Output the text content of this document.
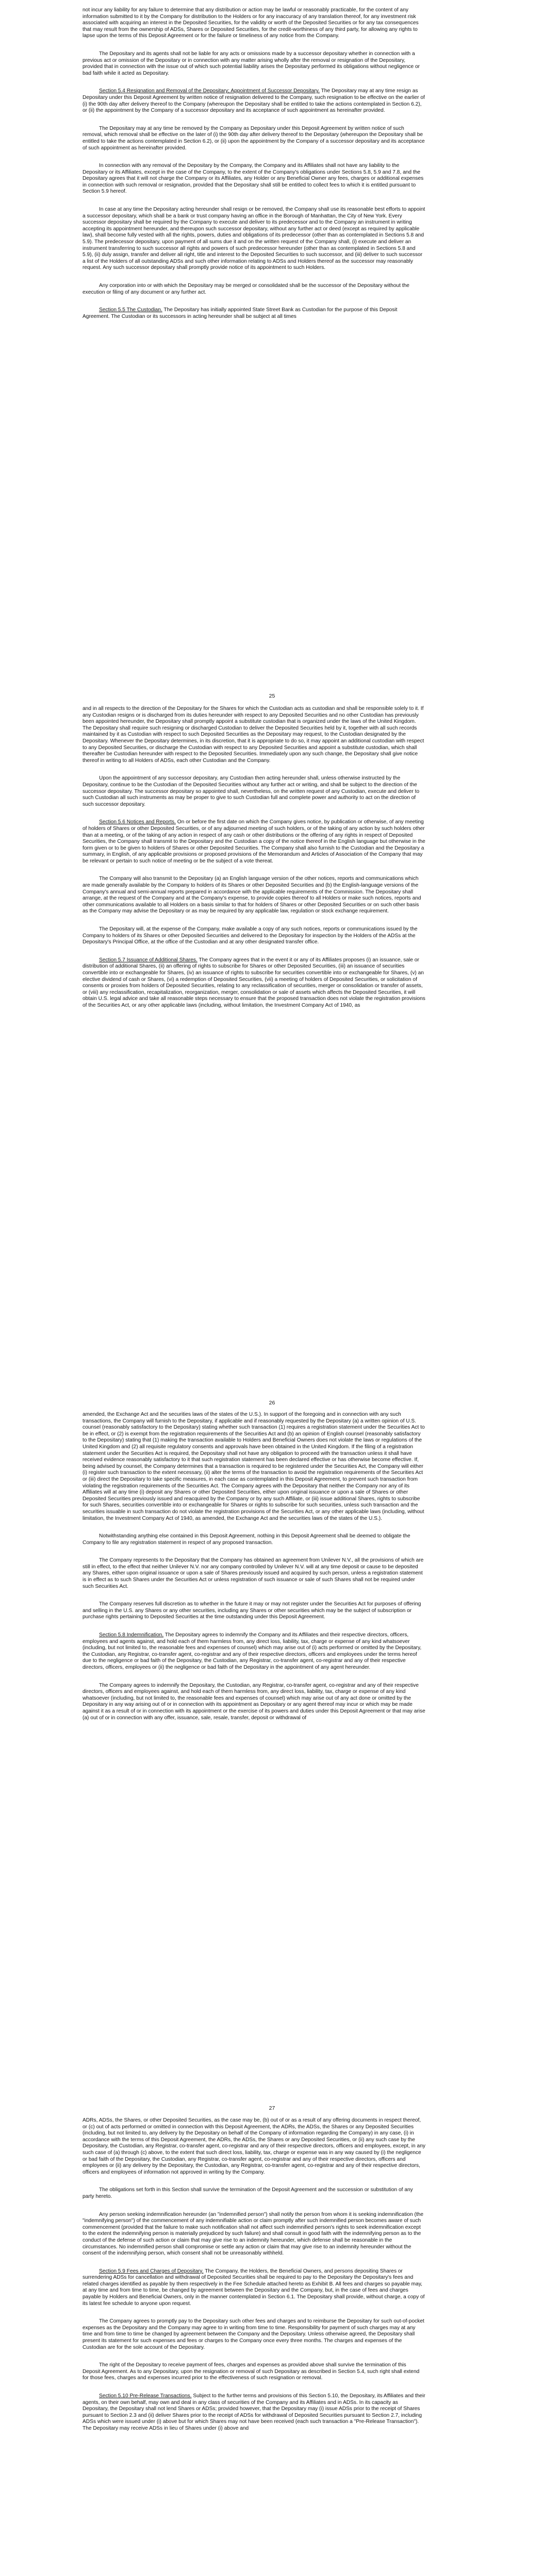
not incur any liability for any failure to determine that any distribution or action may be lawful or reasonably practicable, for the content of any information submitted to it by the Company for distribution to the Holders or for any inaccuracy of any translation thereof, for any investment risk associated with acquiring an interest in the Deposited Securities, for the validity or worth of the Deposited Securities or for any tax consequences that may result from the ownership of ADSs, Shares or Deposited Securities, for the credit-worthiness of any third party, for allowing any rights to lapse upon the terms of this Deposit Agreement or for the failure or timeliness of any notice from the Company.

The Depositary and its agents shall not be liable for any acts or omissions made by a successor depositary whether in connection with a previous act or omission of the Depositary or in connection with any matter arising wholly after the removal or resignation of the Depositary, provided that in connection with the issue out of which such potential liability arises the Depositary performed its obligations without negligence or bad faith while it acted as Depositary.

Section 5.4 Resignation and Removal of the Depositary; Appointment of Successor Depositary. The Depositary may at any time resign as Depositary under this Deposit Agreement by written notice of resignation delivered to the Company, such resignation to be effective on the earlier of (i) the 90th day after delivery thereof to the Company (whereupon the Depositary shall be entitled to take the actions contemplated in Section 6.2), or (ii) the appointment by the Company of a successor depositary and its acceptance of such appointment as hereinafter provided.

The Depositary may at any time be removed by the Company as Depositary under this Deposit Agreement by written notice of such removal, which removal shall be effective on the later of (i) the 90th day after delivery thereof to the Depositary (whereupon the Depositary shall be entitled to take the actions contemplated in Section 6.2), or (ii) upon the appointment by the Company of a successor depositary and its acceptance of such appointment as hereinafter provided.

In connection with any removal of the Depositary by the Company, the Company and its Affiliates shall not have any liability to the Depositary or its Affiliates, except in the case of the Company, to the extent of the Company's obligations under Sections 5.8, 5.9 and 7.8, and the Depositary agrees that it will not charge the Company or its Affiliates, any Holder or any Beneficial Owner any fees, charges or additional expenses in connection with such removal or resignation, provided that the Depositary shall still be entitled to collect fees to which it is entitled pursuant to Section 5.9 hereof.

In case at any time the Depositary acting hereunder shall resign or be removed, the Company shall use its reasonable best efforts to appoint a successor depositary, which shall be a bank or trust company having an office in the Borough of Manhattan, the City of New York. Every successor depositary shall be required by the Company to execute and deliver to its predecessor and to the Company an instrument in writing accepting its appointment hereunder, and thereupon such successor depositary, without any further act or deed (except as required by applicable law), shall become fully vested with all the rights, powers, duties and obligations of its predecessor (other than as contemplated in Sections 5.8 and 5.9). The predecessor depositary, upon payment of all sums due it and on the written request of the Company shall, (i) execute and deliver an instrument transferring to such successor all rights and powers of such predecessor hereunder (other than as contemplated in Sections 5.8 and 5.9), (ii) duly assign, transfer and deliver all right, title and interest to the Deposited Securities to such successor, and (iii) deliver to such successor a list of the Holders of all outstanding ADSs and such other information relating to ADSs and Holders thereof as the successor may reasonably request. Any such successor depositary shall promptly provide notice of its appointment to such Holders.

Any corporation into or with which the Depositary may be merged or consolidated shall be the successor of the Depositary without the execution or filing of any document or any further act.

Section 5.5 The Custodian. The Depositary has initially appointed State Street Bank as Custodian for the purpose of this Deposit Agreement. The Custodian or its successors in acting hereunder shall be subject at all times

25

and in all respects to the direction of the Depositary for the Shares for which the Custodian acts as custodian and shall be responsible solely to it. If any Custodian resigns or is discharged from its duties hereunder with respect to any Deposited Securities and no other Custodian has previously been appointed hereunder, the Depositary shall promptly appoint a substitute custodian that is organized under the laws of the United Kingdom. The Depositary shall require such resigning or discharged Custodian to deliver the Deposited Securities held by it, together with all such records maintained by it as Custodian with respect to such Deposited Securities as the Depositary may request, to the Custodian designated by the Depositary. Whenever the Depositary determines, in its discretion, that it is appropriate to do so, it may appoint an additional custodian with respect to any Deposited Securities, or discharge the Custodian with respect to any Deposited Securities and appoint a substitute custodian, which shall thereafter be Custodian hereunder with respect to the Deposited Securities. Immediately upon any such change, the Depositary shall give notice thereof in writing to all Holders of ADSs, each other Custodian and the Company.

Upon the appointment of any successor depositary, any Custodian then acting hereunder shall, unless otherwise instructed by the Depositary, continue to be the Custodian of the Deposited Securities without any further act or writing, and shall be subject to the direction of the successor depositary. The successor depositary so appointed shall, nevertheless, on the written request of any Custodian, execute and deliver to such Custodian all such instruments as may be proper to give to such Custodian full and complete power and authority to act on the direction of such successor depositary.

Section 5.6 Notices and Reports. On or before the first date on which the Company gives notice, by publication or otherwise, of any meeting of holders of Shares or other Deposited Securities, or of any adjourned meeting of such holders, or of the taking of any action by such holders other than at a meeting, or of the taking of any action in respect of any cash or other distributions or the offering of any rights in respect of Deposited Securities, the Company shall transmit to the Depositary and the Custodian a copy of the notice thereof in the English language but otherwise in the form given or to be given to holders of Shares or other Deposited Securities. The Company shall also furnish to the Custodian and the Depositary a summary, in English, of any applicable provisions or proposed provisions of the Memorandum and Articles of Association of the Company that may be relevant or pertain to such notice of meeting or be the subject of a vote thereat.

The Company will also transmit to the Depositary (a) an English language version of the other notices, reports and communications which are made generally available by the Company to holders of its Shares or other Deposited Securities and (b) the English-language versions of the Company's annual and semi-annual reports prepared in accordance with the applicable requirements of the Commission. The Depositary shall arrange, at the request of the Company and at the Company's expense, to provide copies thereof to all Holders or make such notices, reports and other communications available to all Holders on a basis similar to that for holders of Shares or other Deposited Securities or on such other basis as the Company may advise the Depositary or as may be required by any applicable law, regulation or stock exchange requirement.

The Depositary will, at the expense of the Company, make available a copy of any such notices, reports or communications issued by the Company to holders of its Shares or other Deposited Securities and delivered to the Depositary for inspection by the Holders of the ADSs at the Depositary's Principal Office, at the office of the Custodian and at any other designated transfer office.

Section 5.7 Issuance of Additional Shares. The Company agrees that in the event it or any of its Affiliates proposes (i) an issuance, sale or distribution of additional Shares, (ii) an offering of rights to subscribe for Shares or other Deposited Securities, (iii) an issuance of securities convertible into or exchangeable for Shares, (iv) an issuance of rights to subscribe for securities convertible into or exchangeable for Shares, (v) an elective dividend of cash or Shares, (vi) a redemption of Deposited Securities, (vii) a meeting of holders of Deposited Securities, or solicitation of consents or proxies from holders of Deposited Securities, relating to any reclassification of securities, merger or consolidation or transfer of assets, or (viii) any reclassification, recapitalization, reorganization, merger, consolidation or sale of assets which affects the Deposited Securities, it will obtain U.S. legal advice and take all reasonable steps necessary to ensure that the proposed transaction does not violate the registration provisions of the Securities Act, or any other applicable laws (including, without limitation, the Investment Company Act of 1940, as

26

amended, the Exchange Act and the securities laws of the states of the U.S.). In support of the foregoing and in connection with any such transactions, the Company will furnish to the Depositary, if applicable and if reasonably requested by the Depositary (a) a written opinion of U.S. counsel (reasonably satisfactory to the Depositary) stating whether such transaction (1) requires a registration statement under the Securities Act to be in effect, or (2) is exempt from the registration requirements of the Securities Act and (b) an opinion of English counsel (reasonably satisfactory to the Depositary) stating that (1) making the transaction available to Holders and Beneficial Owners does not violate the laws or regulations of the United Kingdom and (2) all requisite regulatory consents and approvals have been obtained in the United Kingdom. If the filing of a registration statement under the Securities Act is required, the Depositary shall not have any obligation to proceed with the transaction unless it shall have received evidence reasonably satisfactory to it that such registration statement has been declared effective or has otherwise become effective. If, being advised by counsel, the Company determines that a transaction is required to be registered under the Securities Act, the Company will either (i) register such transaction to the extent necessary, (ii) alter the terms of the transaction to avoid the registration requirements of the Securities Act or (iii) direct the Depositary to take specific measures, in each case as contemplated in this Deposit Agreement, to prevent such transaction from violating the registration requirements of the Securities Act. The Company agrees with the Depositary that neither the Company nor any of its Affiliates will at any time (i) deposit any Shares or other Deposited Securities, either upon original issuance or upon a sale of Shares or other Deposited Securities previously issued and reacquired by the Company or by any such Affiliate, or (iii) issue additional Shares, rights to subscribe for such Shares, securities convertible into or exchangeable for Shares or rights to subscribe for such securities, unless such transaction and the securities issuable in such transaction do not violate the registration provisions of the Securities Act, or any other applicable laws (including, without limitation, the Investment Company Act of 1940, as amended, the Exchange Act and the securities laws of the states of the U.S.).

Notwithstanding anything else contained in this Deposit Agreement, nothing in this Deposit Agreement shall be deemed to obligate the Company to file any registration statement in respect of any proposed transaction.

The Company represents to the Depositary that the Company has obtained an agreement from Unilever N.V., all the provisions of which are still in effect, to the effect that neither Unilever N.V. nor any company controlled by Unilever N.V. will at any time deposit or cause to be deposited any Shares, either upon original issuance or upon a sale of Shares previously issued and acquired by such person, unless a registration statement is in effect as to such Shares under the Securities Act or unless registration of such issuance or sale of such Shares shall not be required under such Securities Act.

The Company reserves full discretion as to whether in the future it may or may not register under the Securities Act for purposes of offering and selling in the U.S. any Shares or any other securities, including any Shares or other securities which may be the subject of subscription or purchase rights pertaining to Deposited Securities at the time outstanding under this Deposit Agreement.

Section 5.8 Indemnification. The Depositary agrees to indemnify the Company and its Affiliates and their respective directors, officers, employees and agents against, and hold each of them harmless from, any direct loss, liability, tax, charge or expense of any kind whatsoever (including, but not limited to, the reasonable fees and expenses of counsel) which may arise out of (i) acts performed or omitted by the Depositary, the Custodian, any Registrar, co-transfer agent, co-registrar and any of their respective directors, officers and employees under the terms hereof due to the negligence or bad faith of the Depositary, the Custodian, any Registrar, co-transfer agent, co-registrar and any of their respective directors, officers, employees or (ii) the negligence or bad faith of the Depositary in the appointment of any agent hereunder.

The Company agrees to indemnify the Depositary, the Custodian, any Registrar, co-transfer agent, co-registrar and any of their respective directors, officers and employees against, and hold each of them harmless from, any direct loss, liability, tax, charge or expense of any kind whatsoever (including, but not limited to, the reasonable fees and expenses of counsel) which may arise out of any act done or omitted by the Depositary in any way arising out of or in connection with its appointment as Depositary or any agent thereof may incur or which may be made against it as a result of or in connection with its appointment or the exercise of its powers and duties under this Deposit Agreement or that may arise (a) out of or in connection with any offer, issuance, sale, resale, transfer, deposit or withdrawal of

27

ADRs, ADSs, the Shares, or other Deposited Securities, as the case may be, (b) out of or as a result of any offering documents in respect thereof, or (c) out of acts performed or omitted in connection with this Deposit Agreement, the ADRs, the ADSs, the Shares or any Deposited Securities (including, but not limited to, any delivery by the Depositary on behalf of the Company of information regarding the Company) in any case, (i) in accordance with the terms of this Deposit Agreement, the ADRs, the ADSs, the Shares or any Deposited Securities, or (ii) any such case by the Depositary, the Custodian, any Registrar, co-transfer agent, co-registrar and any of their respective directors, officers and employees, except, in any such case of (a) through (c) above, to the extent that such direct loss, liability, tax, charge or expense was in any way caused by (i) the negligence or bad faith of the Depositary, the Custodian, any Registrar, co-transfer agent, co-registrar and any of their respective directors, officers and employees or (ii) any delivery by the Depositary, the Custodian, any Registrar, co-transfer agent, co-registrar and any of their respective directors, officers and employees of information not approved in writing by the Company.

The obligations set forth in this Section shall survive the termination of the Deposit Agreement and the succession or substitution of any party hereto.

Any person seeking indemnification hereunder (an "indemnified person") shall notify the person from whom it is seeking indemnification (the "indemnifying person") of the commencement of any indemnifiable action or claim promptly after such indemnified person becomes aware of such commencement (provided that the failure to make such notification shall not affect such indemnified person's rights to seek indemnification except to the extent the indemnifying person is materially prejudiced by such failure) and shall consult in good faith with the indemnifying person as to the conduct of the defense of such action or claim that may give rise to an indemnity hereunder, which defense shall be reasonable in the circumstances. No indemnified person shall compromise or settle any action or claim that may give rise to an indemnity hereunder without the consent of the indemnifying person, which consent shall not be unreasonably withheld.

Section 5.9 Fees and Charges of Depositary. The Company, the Holders, the Beneficial Owners, and persons depositing Shares or surrendering ADSs for cancellation and withdrawal of Deposited Securities shall be required to pay to the Depositary the Depositary's fees and related charges identified as payable by them respectively in the Fee Schedule attached hereto as Exhibit B. All fees and charges so payable may, at any time and from time to time, be changed by agreement between the Depositary and the Company, but, in the case of fees and charges payable by Holders and Beneficial Owners, only in the manner contemplated in Section 6.1. The Depositary shall provide, without charge, a copy of its latest fee schedule to anyone upon request.

The Company agrees to promptly pay to the Depositary such other fees and charges and to reimburse the Depositary for such out-of-pocket expenses as the Depositary and the Company may agree to in writing from time to time. Responsibility for payment of such charges may at any time and from time to time be changed by agreement between the Company and the Depositary. Unless otherwise agreed, the Depositary shall present its statement for such expenses and fees or charges to the Company once every three months. The charges and expenses of the Custodian are for the sole account of the Depositary.

The right of the Depositary to receive payment of fees, charges and expenses as provided above shall survive the termination of this Deposit Agreement. As to any Depositary, upon the resignation or removal of such Depositary as described in Section 5.4, such right shall extend for those fees, charges and expenses incurred prior to the effectiveness of such resignation or removal.

Section 5.10 Pre-Release Transactions. Subject to the further terms and provisions of this Section 5.10, the Depositary, its Affiliates and their agents, on their own behalf, may own and deal in any class of securities of the Company and its Affiliates and in ADSs. In its capacity as Depositary, the Depositary shall not lend Shares or ADSs; provided however, that the Depositary may (i) issue ADSs prior to the receipt of Shares pursuant to Section 2.3 and (ii) deliver Shares prior to the receipt of ADSs for withdrawal of Deposited Securities pursuant to Section 2.7, including ADSs which were issued under (i) above but for which Shares may not have been received (each such transaction a "Pre-Release Transaction"). The Depositary may receive ADSs in lieu of Shares under (i) above and
